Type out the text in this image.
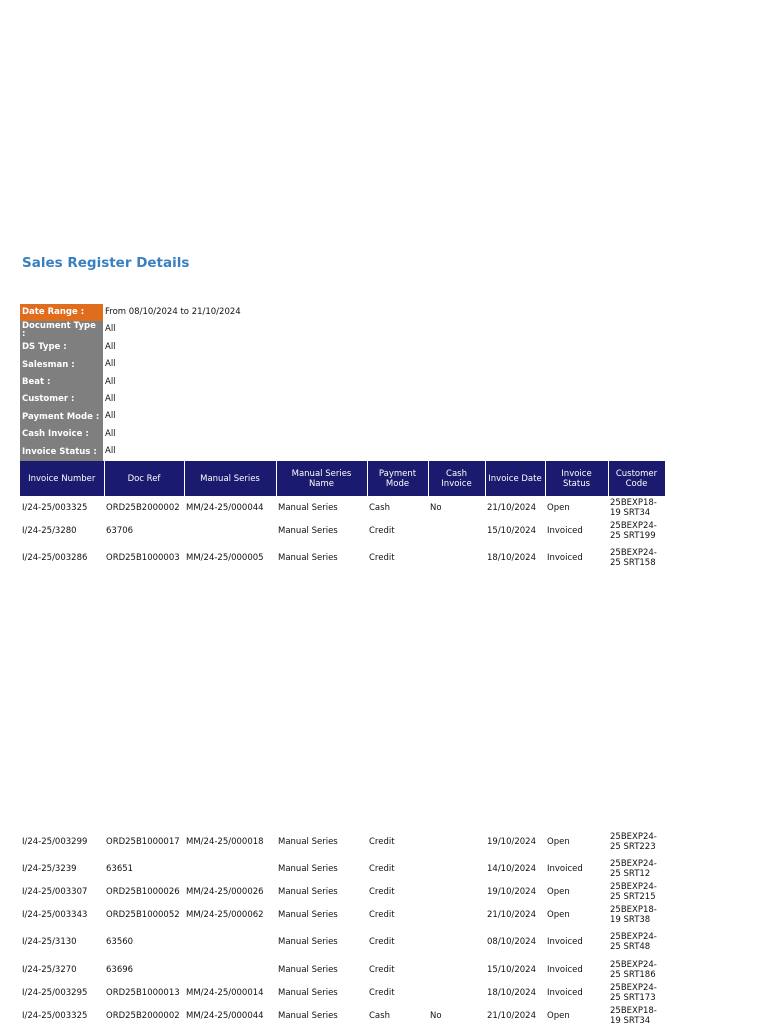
Sales Register Details
Date Range :	From 08/10/2024 to 21/10/2024
Document Type :	All
DS Type :	All
Salesman :	All
Beat :	All
Customer :	All
Payment Mode : All
Cash Invoice :	All
Invoice Status : All
Invoice Number	Doc Ref	Manual Series	Manual Series Name	Payment Mode	Cash Invoice	Invoice Date	Invoice Status	Customer Code
I/24-25/003325	ORD25B2000002	MM/24-25/000044	Manual Series	Cash	No	21/10/2024	Open	25BEXP18-19 SRT34
I/24-25/3280	63706		Manual Series	Credit		15/10/2024	Invoiced	25BEXP24-25 SRT199
I/24-25/003286	ORD25B1000003	MM/24-25/000005	Manual Series	Credit		18/10/2024	Invoiced	25BEXP24-25 SRT158

I/24-25/003299	ORD25B1000017	MM/24-25/000018	Manual Series	Credit		19/10/2024	Open	25BEXP24-25 SRT223
I/24-25/3239	63651		Manual Series	Credit		14/10/2024	Invoiced	25BEXP24-25 SRT12
I/24-25/003307	ORD25B1000026	MM/24-25/000026	Manual Series	Credit		19/10/2024	Open	25BEXP24-25 SRT215
I/24-25/003343	ORD25B1000052	MM/24-25/000062	Manual Series	Credit		21/10/2024	Open	25BEXP18-19 SRT38
I/24-25/3130	63560		Manual Series	Credit		08/10/2024	Invoiced	25BEXP24-25 SRT48
I/24-25/3270	63696		Manual Series	Credit		15/10/2024	Invoiced	25BEXP24-25 SRT186
I/24-25/003295	ORD25B1000013	MM/24-25/000014	Manual Series	Credit		18/10/2024	Invoiced	25BEXP24-25 SRT173
I/24-25/003325	ORD25B2000002	MM/24-25/000044	Manual Series	Cash	No	21/10/2024	Open	25BEXP18-19 SRT34
